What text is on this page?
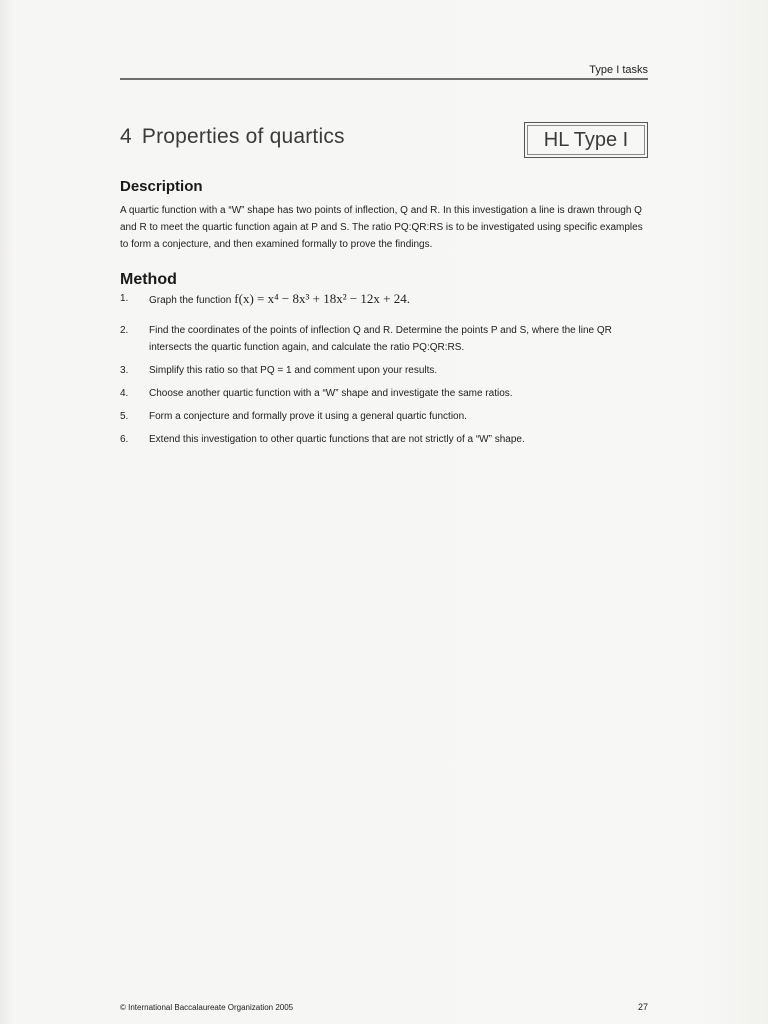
Type I tasks
4 Properties of quartics	HL Type I
Description
A quartic function with a “W” shape has two points of inflection, Q and R. In this investigation a line is drawn through Q and R to meet the quartic function again at P and S. The ratio PQ:QR:RS is to be investigated using specific examples to form a conjecture, and then examined formally to prove the findings.
Method
1. Graph the function f(x) = x⁴ − 8x³ + 18x² − 12x + 24.
2. Find the coordinates of the points of inflection Q and R. Determine the points P and S, where the line QR intersects the quartic function again, and calculate the ratio PQ:QR:RS.
3. Simplify this ratio so that PQ = 1 and comment upon your results.
4. Choose another quartic function with a “W” shape and investigate the same ratios.
5. Form a conjecture and formally prove it using a general quartic function.
6. Extend this investigation to other quartic functions that are not strictly of a “W” shape.
© International Baccalaureate Organization 2005	27
